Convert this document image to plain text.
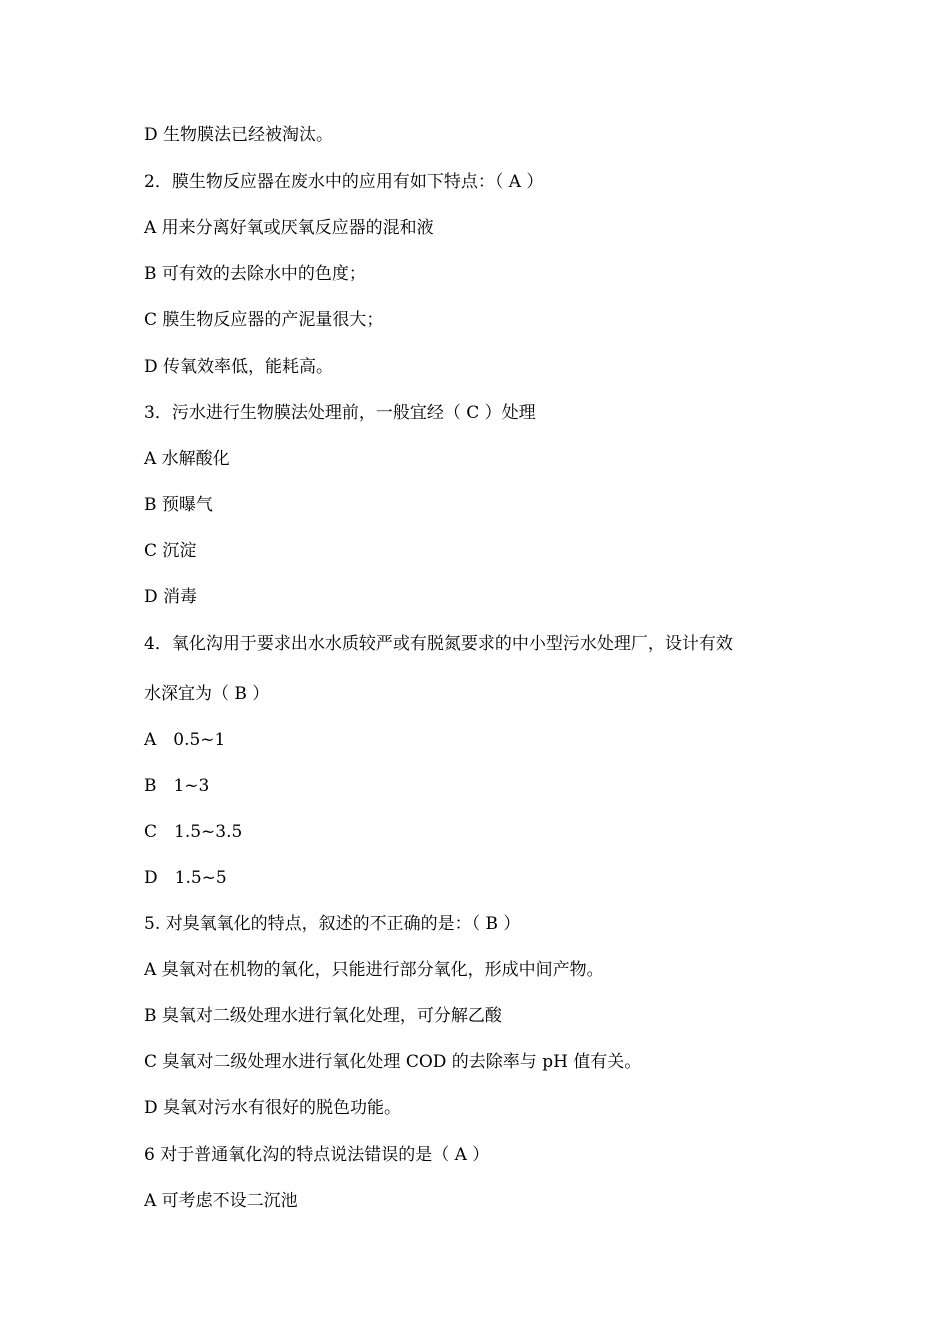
D 生物膜法已经被淘汰。
2．膜生物反应器在废水中的应用有如下特点：（ A ）
A 用来分离好氧或厌氧反应器的混和液
B 可有效的去除水中的色度；
C 膜生物反应器的产泥量很大；
D 传氧效率低，能耗高。
3．污水进行生物膜法处理前，一般宜经（ C ）处理
A 水解酸化
B 预曝气
C 沉淀
D 消毒
4．氧化沟用于要求出水水质较严或有脱氮要求的中小型污水处理厂，设计有效
水深宜为（ B ）
A　0.5~1
B　1~3
C　1.5~3.5
D　1.5~5
5. 对臭氧氧化的特点，叙述的不正确的是：（ B ）
A 臭氧对在机物的氧化，只能进行部分氧化，形成中间产物。
B 臭氧对二级处理水进行氧化处理，可分解乙酸
C 臭氧对二级处理水进行氧化处理 COD 的去除率与 pH 值有关。
D 臭氧对污水有很好的脱色功能。
6 对于普通氧化沟的特点说法错误的是（ A ）
A 可考虑不设二沉池
